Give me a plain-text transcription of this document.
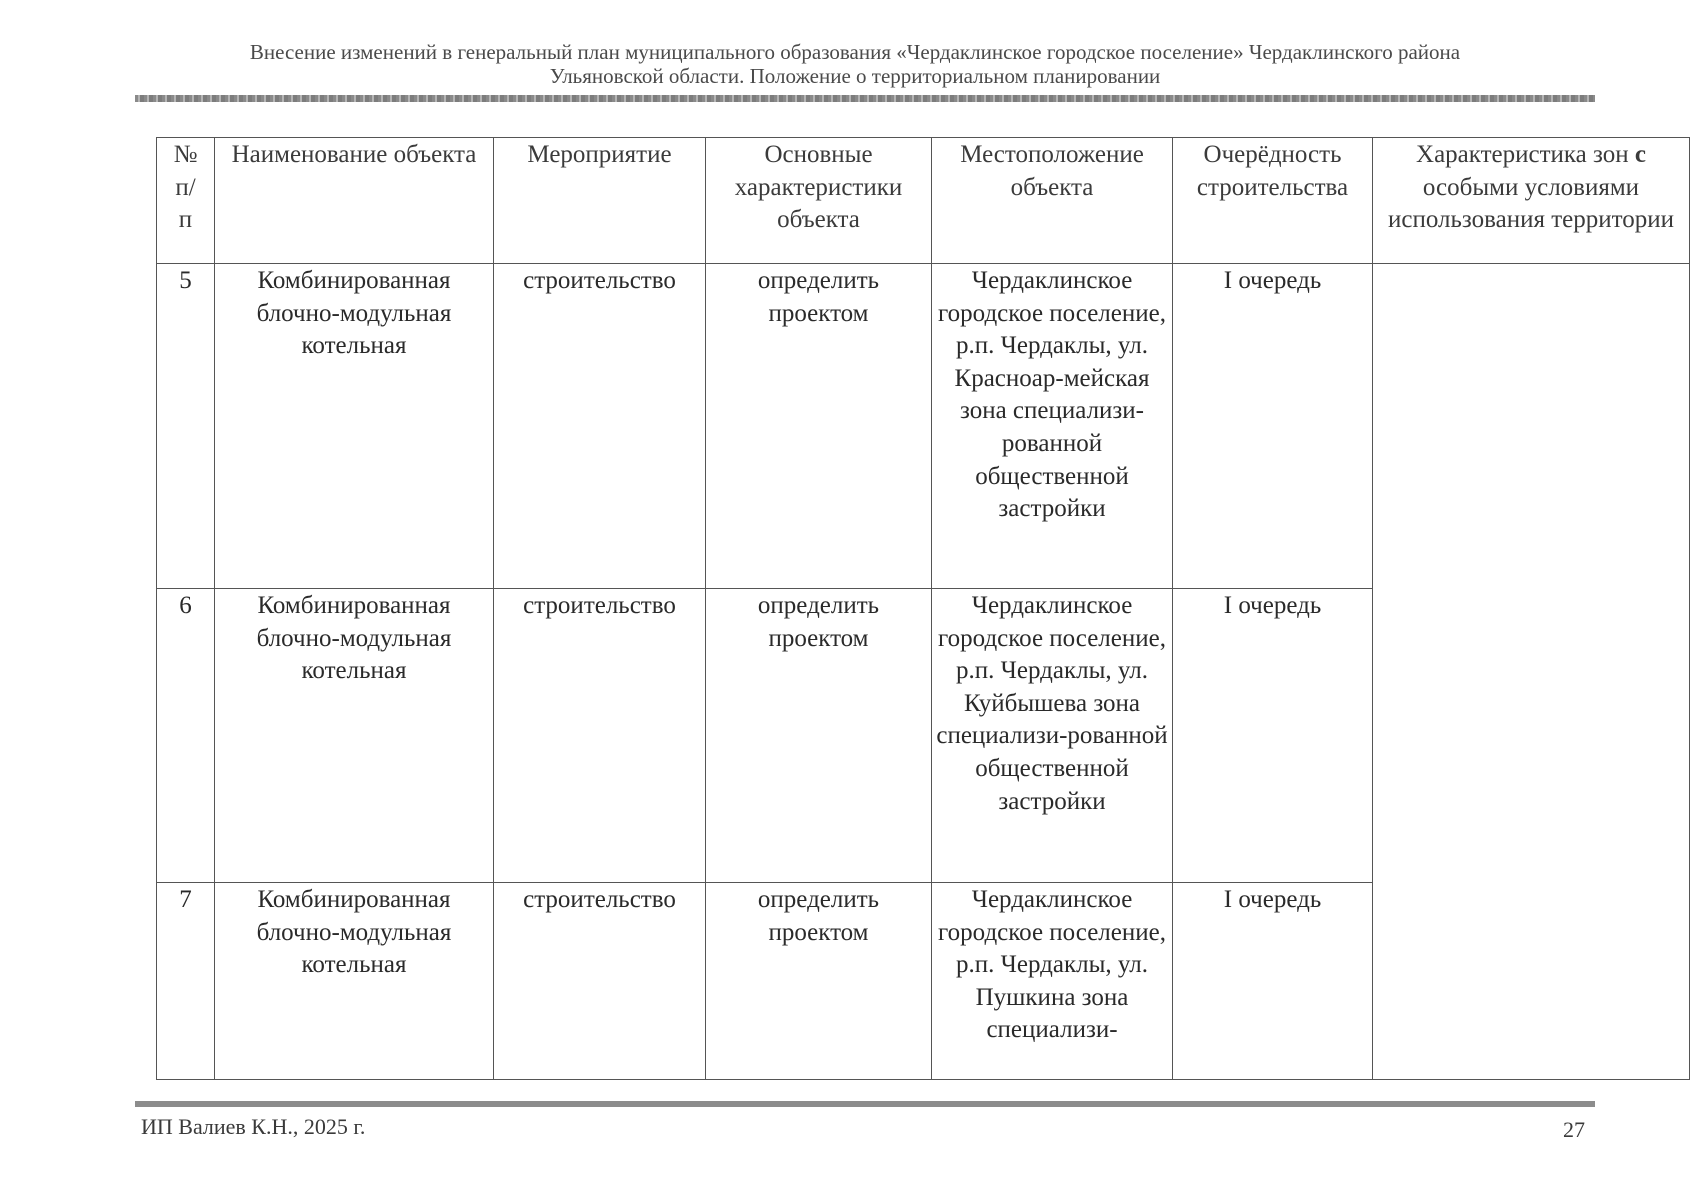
Внесение изменений в генеральный план муниципального образования «Чердаклинское городское поселение» Чердаклинского района
Ульяновской области. Положение о территориальном планировании
№
п/
п	Наименование объекта	Мероприятие	Основные характеристики объекта	Местоположение объекта	Очерёдность строительства	Характеристика зон с особыми условиями использования территории
5	Комбинированная блочно-модульная котельная	строительство	определить проектом	Чердаклинское городское поселение, р.п. Чердаклы, ул. Красноар-мейская зона специализи-рованной общественной застройки	I очередь	
6	Комбинированная блочно-модульная котельная	строительство	определить проектом	Чердаклинское городское поселение, р.п. Чердаклы, ул. Куйбышева зона специализи-рованной общественной застройки	I очередь	
7	Комбинированная блочно-модульная котельная	строительство	определить проектом	Чердаклинское городское поселение, р.п. Чердаклы, ул. Пушкина зона специализи-	I очередь	
ИП Валиев К.Н., 2025 г.	27
